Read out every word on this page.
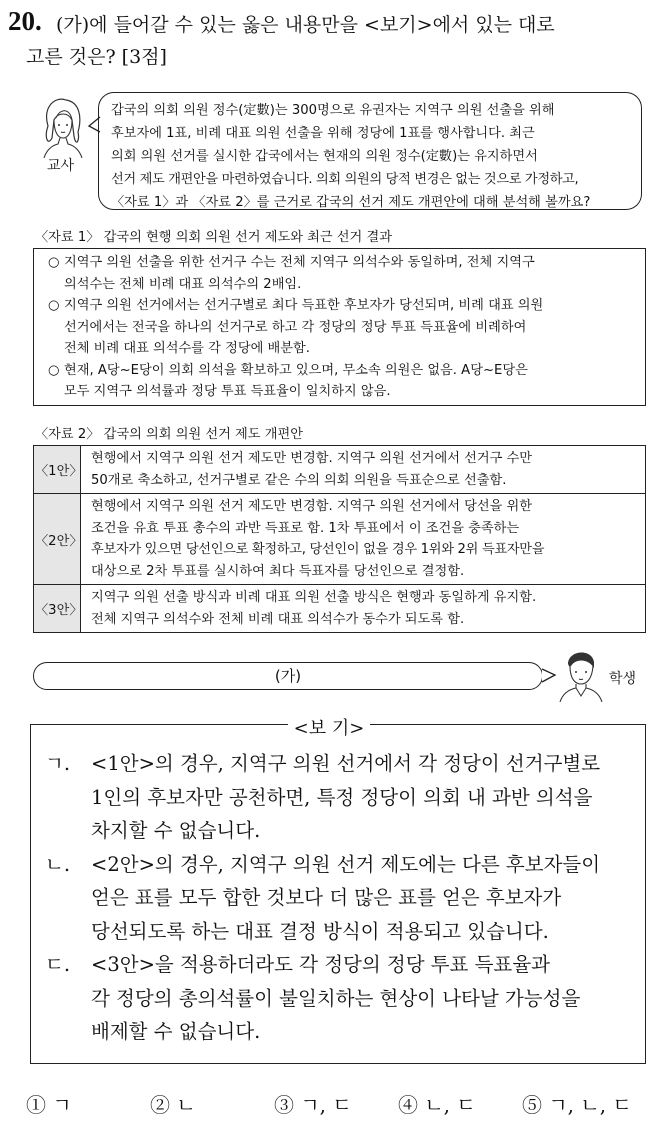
20. (가)에 들어갈 수 있는 옳은 내용만을 <보기>에서 있는 대로
고른 것은? [3점]
교사
갑국의 의회 의원 정수(定數)는 300명으로 유권자는 지역구 의원 선출을 위해
후보자에 1표, 비례 대표 의원 선출을 위해 정당에 1표를 행사합니다. 최근
의회 의원 선거를 실시한 갑국에서는 현재의 의원 정수(定數)는 유지하면서
선거 제도 개편안을 마련하였습니다. 의회 의원의 당적 변경은 없는 것으로 가정하고,
〈자료 1〉과 〈자료 2〉를 근거로 갑국의 선거 제도 개편안에 대해 분석해 볼까요?
〈자료 1〉 갑국의 현행 의회 의원 선거 제도와 최근 선거 결과
○ 지역구 의원 선출을 위한 선거구 수는 전체 지역구 의석수와 동일하며, 전체 지역구
의석수는 전체 비례 대표 의석수의 2배임.
○ 지역구 의원 선거에서는 선거구별로 최다 득표한 후보자가 당선되며, 비례 대표 의원
선거에서는 전국을 하나의 선거구로 하고 각 정당의 정당 투표 득표율에 비례하여
전체 비례 대표 의석수를 각 정당에 배분함.
○ 현재, A당~E당이 의회 의석을 확보하고 있으며, 무소속 의원은 없음. A당~E당은
모두 지역구 의석률과 정당 투표 득표율이 일치하지 않음.
〈자료 2〉 갑국의 의회 의원 선거 제도 개편안
〈1안〉	현행에서 지역구 의원 선거 제도만 변경함. 지역구 의원 선거에서 선거구 수만
50개로 축소하고, 선거구별로 같은 수의 의회 의원을 득표순으로 선출함.

〈2안〉	현행에서 지역구 의원 선거 제도만 변경함. 지역구 의원 선거에서 당선을 위한
조건을 유효 투표 총수의 과반 득표로 함. 1차 투표에서 이 조건을 충족하는
후보자가 있으면 당선인으로 확정하고, 당선인이 없을 경우 1위와 2위 득표자만을
대상으로 2차 투표를 실시하여 최다 득표자를 당선인으로 결정함.

〈3안〉	지역구 의원 선출 방식과 비례 대표 의원 선출 방식은 현행과 동일하게 유지함.
전체 지역구 의석수와 전체 비례 대표 의석수가 동수가 되도록 함.
(가)	학생
ㄱ. <1안>의 경우, 지역구 의원 선거에서 각 정당이 선거구별로
1인의 후보자만 공천하면, 특정 정당이 의회 내 과반 의석을
차지할 수 없습니다.
ㄴ. <2안>의 경우, 지역구 의원 선거 제도에는 다른 후보자들이
얻은 표를 모두 합한 것보다 더 많은 표를 얻은 후보자가
당선되도록 하는 대표 결정 방식이 적용되고 있습니다.
ㄷ. <3안>을 적용하더라도 각 정당의 정당 투표 득표율과
각 정당의 총의석률이 불일치하는 현상이 나타날 가능성을
배제할 수 없습니다.
<보 기>
① ㄱ	② ㄴ	③ ㄱ, ㄷ ④ ㄴ, ㄷ ⑤ ㄱ, ㄴ, ㄷ
